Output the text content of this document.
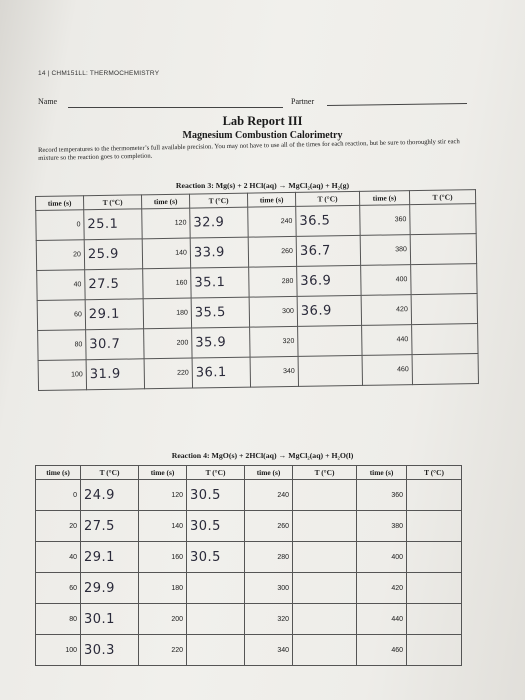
14 | CHM151LL: THERMOCHEMISTRY
Name	Partner
Lab Report III
Magnesium Combustion Calorimetry
Record temperatures to the thermometer’s full available precision. You may not have to use all of the times for each reaction, but be sure to thoroughly stir each mixture so the reaction goes to completion.
Reaction 3: Mg(s) + 2 HCl(aq) → MgCl₂(aq) + H₂(g)
time (s)	T (°C)	time (s)	T (°C)	time (s)	T (°C)	time (s)	T (°C)
0	25.1	120	32.9	240	36.5	360	
20	25.9	140	33.9	260	36.7	380	
40	27.5	160	35.1	280	36.9	400	
60	29.1	180	35.5	300	36.9	420	
80	30.7	200	35.9	320		440	
100	31.9	220	36.1	340		460	
Reaction 4: MgO(s) + 2HCl(aq) → MgCl₂(aq) + H₂O(l)
time (s)	T (°C)	time (s)	T (°C)	time (s)	T (°C)	time (s)	T (°C)
0	24.9	120	30.5	240		360	
20	27.5	140	30.5	260		380	
40	29.1	160	30.5	280		400	
60	29.9	180		300		420	
80	30.1	200		320		440	
100	30.3	220		340		460	
